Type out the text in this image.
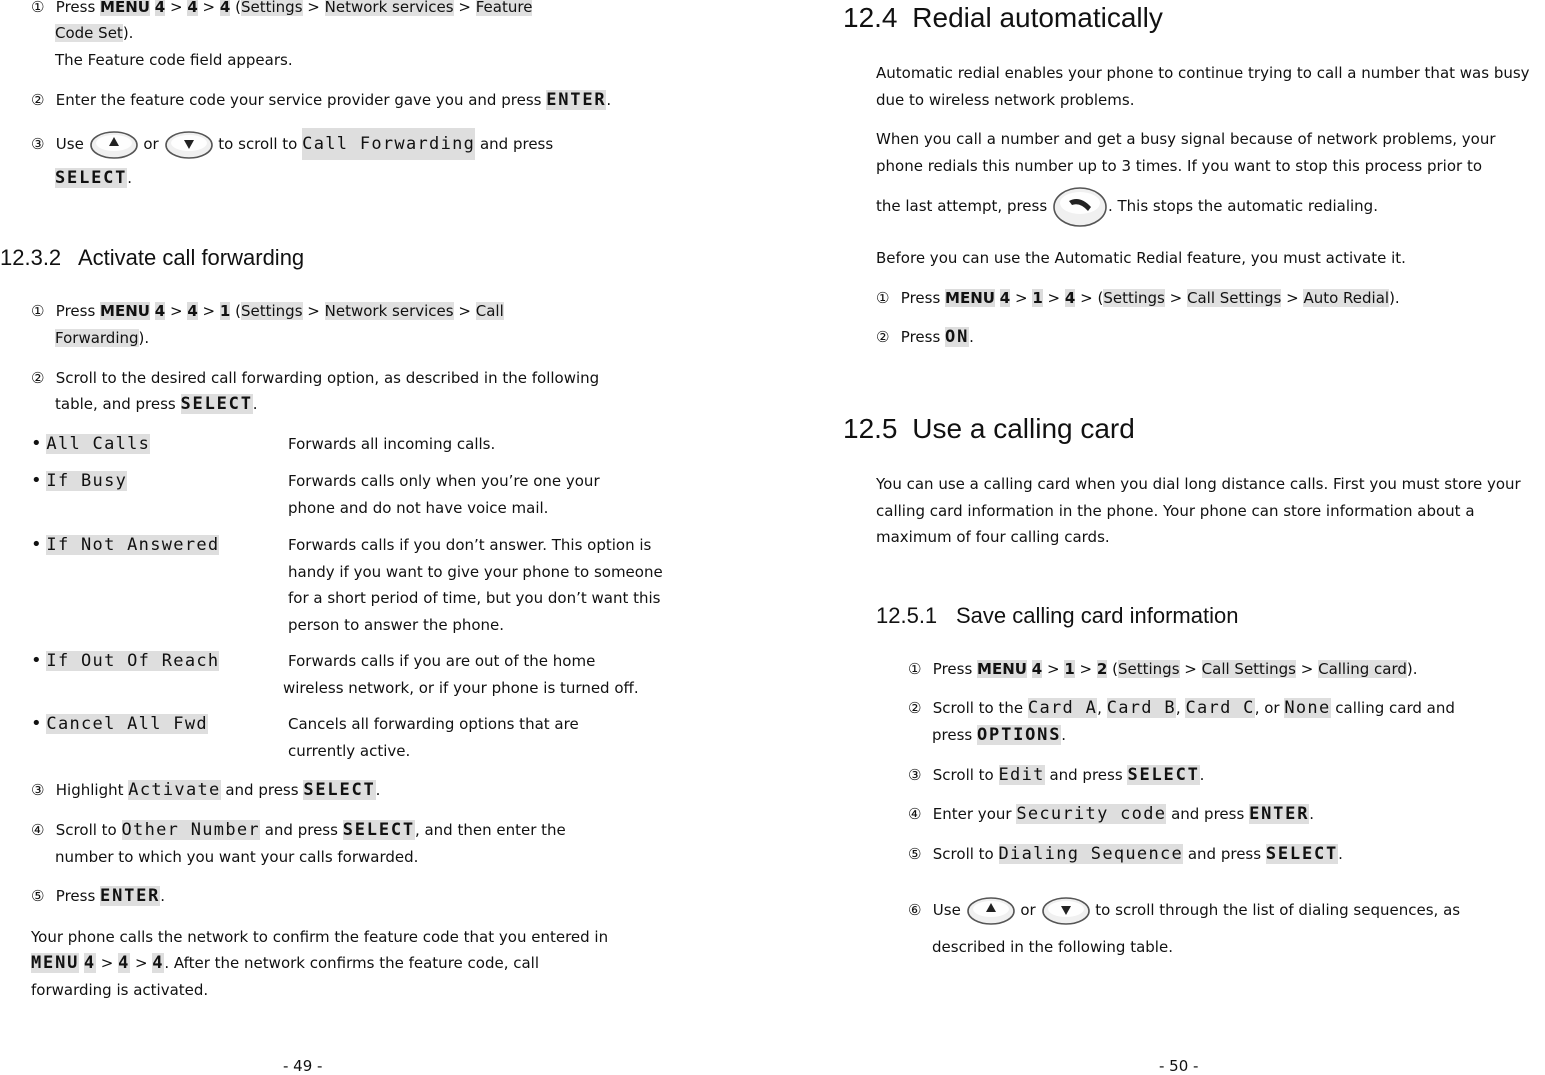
① Press MENU 4 > 4 > 4 (Settings > Network services > Feature
Code Set).
The Feature code field appears.
② Enter the feature code your service provider gave you and press ENTER.
③ Use	or	to scroll to Call Forwarding and press
SELECT.
12.3.2 Activate call forwarding
① Press MENU 4 > 4 > 1 (Settings > Network services > Call
Forwarding).
② Scroll to the desired call forwarding option, as described in the following
table, and press SELECT.
• All Calls	Forwards all incoming calls.
• If Busy	Forwards calls only when you’re one your phone and do not have voice mail.
• If Not Answered	Forwards calls if you don’t answer. This option is handy if you want to give your phone to someone for a short period of time, but you don’t want this person to answer the phone.
• If Out Of Reach	Forwards calls if you are out of the home
wireless network, or if your phone is turned off.
• Cancel All Fwd	Cancels all forwarding options that are currently active.
③ Highlight Activate and press SELECT.
④ Scroll to Other Number and press SELECT, and then enter the
number to which you want your calls forwarded.
⑤ Press ENTER.
Your phone calls the network to confirm the feature code that you entered in
MENU 4 > 4 > 4. After the network confirms the feature code, call
forwarding is activated.
- 49 -
12.4 Redial automatically
Automatic redial enables your phone to continue trying to call a number that was busy due to wireless network problems.
When you call a number and get a busy signal because of network problems, your
phone redials this number up to 3 times. If you want to stop this process prior to
the last attempt, press	. This stops the automatic redialing.
Before you can use the Automatic Redial feature, you must activate it.
① Press MENU 4 > 1 > 4 > (Settings > Call Settings > Auto Redial).
② Press ON.
12.5 Use a calling card
You can use a calling card when you dial long distance calls. First you must store your calling card information in the phone. Your phone can store information about a maximum of four calling cards.
12.5.1 Save calling card information
① Press MENU 4 > 1 > 2 (Settings > Call Settings > Calling card).
② Scroll to the Card A, Card B, Card C, or None calling card and
press OPTIONS.
③ Scroll to Edit and press SELECT.
④ Enter your Security code and press ENTER.
⑤ Scroll to Dialing Sequence and press SELECT.
⑥ Use	or	to scroll through the list of dialing sequences, as
described in the following table.
- 50 -
